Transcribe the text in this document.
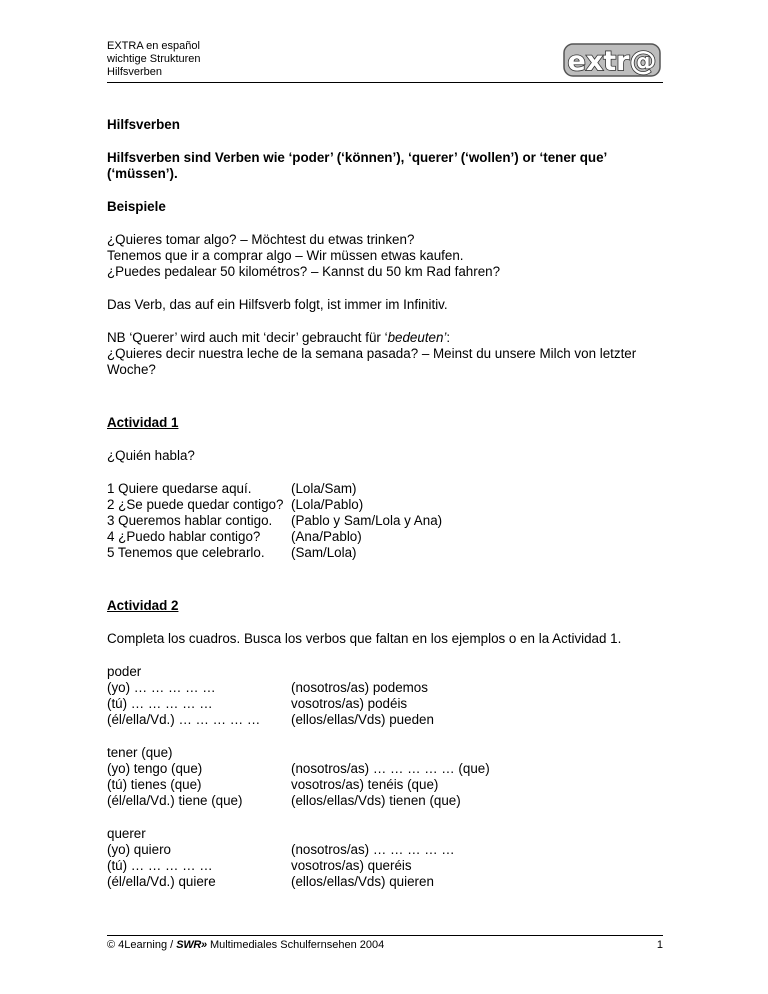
EXTRA en español
wichtige Strukturen
Hilfsverben	extr@

Hilfsverben

Hilfsverben sind Verben wie ‘poder’ (‘können’), ‘querer’ (‘wollen’) or ‘tener que’ (‘müssen’).

Beispiele

¿Quieres tomar algo? – Möchtest du etwas trinken?

Tenemos que ir a comprar algo – Wir müssen etwas kaufen.

¿Puedes pedalear 50 kilométros? – Kannst du 50 km Rad fahren?

Das Verb, das auf ein Hilfsverb folgt, ist immer im Infinitiv.

NB ‘Querer’ wird auch mit ‘decir’ gebraucht für ‘bedeuten’:

¿Quieres decir nuestra leche de la semana pasada? – Meinst du unsere Milch von letzter Woche?

Actividad 1

¿Quién habla?

1 Quiere quedarse aquí.

2 ¿Se puede quedar contigo?

3 Queremos hablar contigo.

4 ¿Puedo hablar contigo?

5 Tenemos que celebrarlo.

(Lola/Sam)

(Lola/Pablo)

(Pablo y Sam/Lola y Ana)

(Ana/Pablo)

(Sam/Lola)

Actividad 2

Completa los cuadros. Busca los verbos que faltan en los ejemplos o en la Actividad 1.

poder

(yo) … … … … …

(tú) … … … … …

(él/ella/Vd.) … … … … …

(nosotros/as) podemos

vosotros/as) podéis

(ellos/ellas/Vds) pueden

tener (que)

(yo) tengo (que)

(tú) tienes (que)

(él/ella/Vd.) tiene (que)

(nosotros/as) … … … … … (que)

vosotros/as) tenéis (que)

(ellos/ellas/Vds) tienen (que)

querer

(yo) quiero

(tú) … … … … …

(él/ella/Vd.) quiere

(nosotros/as) … … … … …

vosotros/as) queréis

(ellos/ellas/Vds) quieren

© 4Learning / SWR» Multimediales Schulfernsehen 2004	1
